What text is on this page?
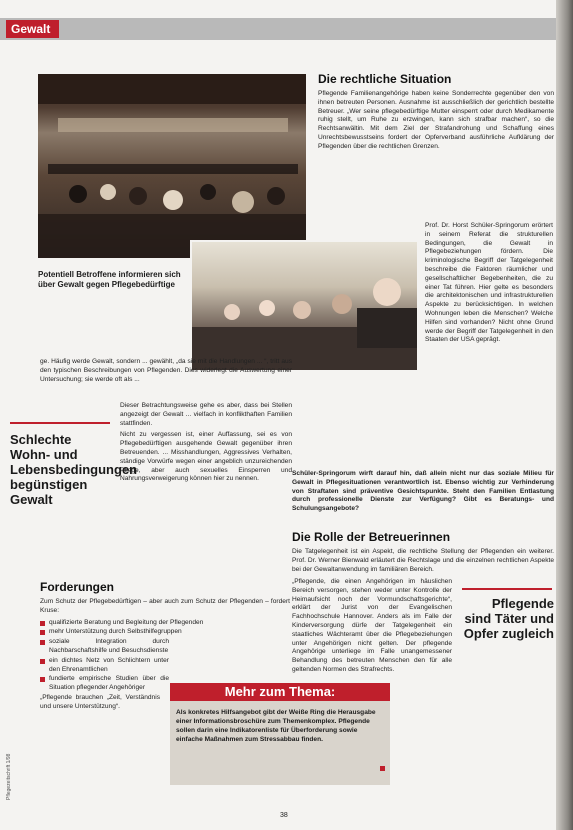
Gewalt
Potentiell Betroffene informieren sich über Gewalt gegen Pflegebedürftige

ge. Häufig werde Gewalt, sondern ... gewählt, „da sie mit die Handlungen ... “, tritt aus den typischen Beschreibungen von Pflegenden. Dies widerlegt die Auswertung einer Untersuchung; sie werde oft als ...

Dieser Betrachtungsweise gehe es aber, dass bei Stellen angezeigt der Gewalt ... vielfach in konflikthaften Familien stattfinden.

Nicht zu vergessen ist, einer Auffassung, sei es von Pflegebedürftigen ausgehende Gewalt gegenüber ihren Betreuenden. ... Misshandlungen, Aggressives Verhalten, ständige Vorwürfe wegen einer angeblich unzureichenden Pflege, aber auch sexuelles Einsperren und Nahrungsverweigerung können hier zu nennen.

Schlechte Wohn- und Lebensbedingungen begünstigen Gewalt
Forderungen

Zum Schutz der Pflegebedürftigen – aber auch zum Schutz der Pflegenden – fordert Kruse:

qualifizierte Beratung und Begleitung der Pflegenden
mehr Unterstützung durch Selbsthilfegruppen
soziale Integration durch Nachbarschaftshilfe und Besuchsdienste
ein dichtes Netz von Schlichtern unter den Ehrenamtlichen
fundierte empirische Studien über die Situation pflegender Angehöriger

„Pflegende brauchen „Zeit, Verständnis und unsere Unterstützung“.

Die rechtliche Situation

Pflegende Familienangehörige haben keine Sonderrechte gegenüber den von ihnen betreuten Personen. Ausnahme ist ausschließlich der gerichtlich bestellte Betreuer. „Wer seine pflegebedürftige Mutter einsperrt oder durch Medikamente ruhig stellt, um Ruhe zu erzwingen, kann sich strafbar machen“, so die Rechtsanwältin. Mit dem Ziel der Strafandrohung und Schaffung eines Unrechtsbewusstseins fordert der Opferverband ausführliche Aufklärung der Pflegenden über die rechtlichen Grenzen.

Prof. Dr. Horst Schüler-Springorum erörtert in seinem Referat die strukturellen Bedingungen, die Gewalt in Pflegebeziehungen fördern. Die kriminologische Begriff der Tatgelegenheit beschreibe die Faktoren räumlicher und gesellschaftlicher Begebenheiten, die zu einer Tat führen. Hier gelte es besonders die architektonischen und infrastrukturellen Aspekte zu berücksichtigen. In welchen Wohnungen leben die Menschen? Welche Hilfen sind vorhanden? Nicht ohne Grund werde der Begriff der Tatgelegenheit in den Staaten der USA geprägt.

Schüler-Springorum wirft darauf hin, daß allein nicht nur das soziale Milieu für Gewalt in Pflegesituationen verantwortlich ist. Ebenso wichtig zur Verhinderung von Straftaten sind präventive Gesichtspunkte. Steht den Familien Entlastung durch professionelle Dienste zur Verfügung? Gibt es Beratungs- und Schulungsangebote?

Die Rolle der Betreuerinnen

Die Tatgelegenheit ist ein Aspekt, die rechtliche Stellung der Pflegenden ein weiterer. Prof. Dr. Werner Bienwald erläutert die Rechtslage und die einzelnen rechtlichen Aspekte bei der Gewaltanwendung im familiären Bereich.

„Pflegende, die einen Angehörigen im häuslichen Bereich versorgen, stehen weder unter Kontrolle der Heimaufsicht noch der Vormundschaftsgerichte“, erklärt der Jurist von der Evangelischen Fachhochschule Hannover. Anders als im Falle der Kinderversorgung dürfe der Tatgelegenheit ein staatliches Wächteramt über die Pflegebeziehungen unter Angehörigen nicht gelten. Der pflegende Angehörige unterliege im Falle unangemessener Behandlung des betreuten Menschen den für alle geltenden Normen des Strafrechts.

Pflegende sind Täter und Opfer zugleich
Mehr zum Thema:
Als konkretes Hilfsangebot gibt der Weiße Ring die Herausgabe einer Informationsbroschüre zum Themenkomplex. Pflegende sollen darin eine Indikatorenliste für Überforderung sowie einfache Maßnahmen zum Stressabbau finden.
38
Pflegezeitschrift 1/98
